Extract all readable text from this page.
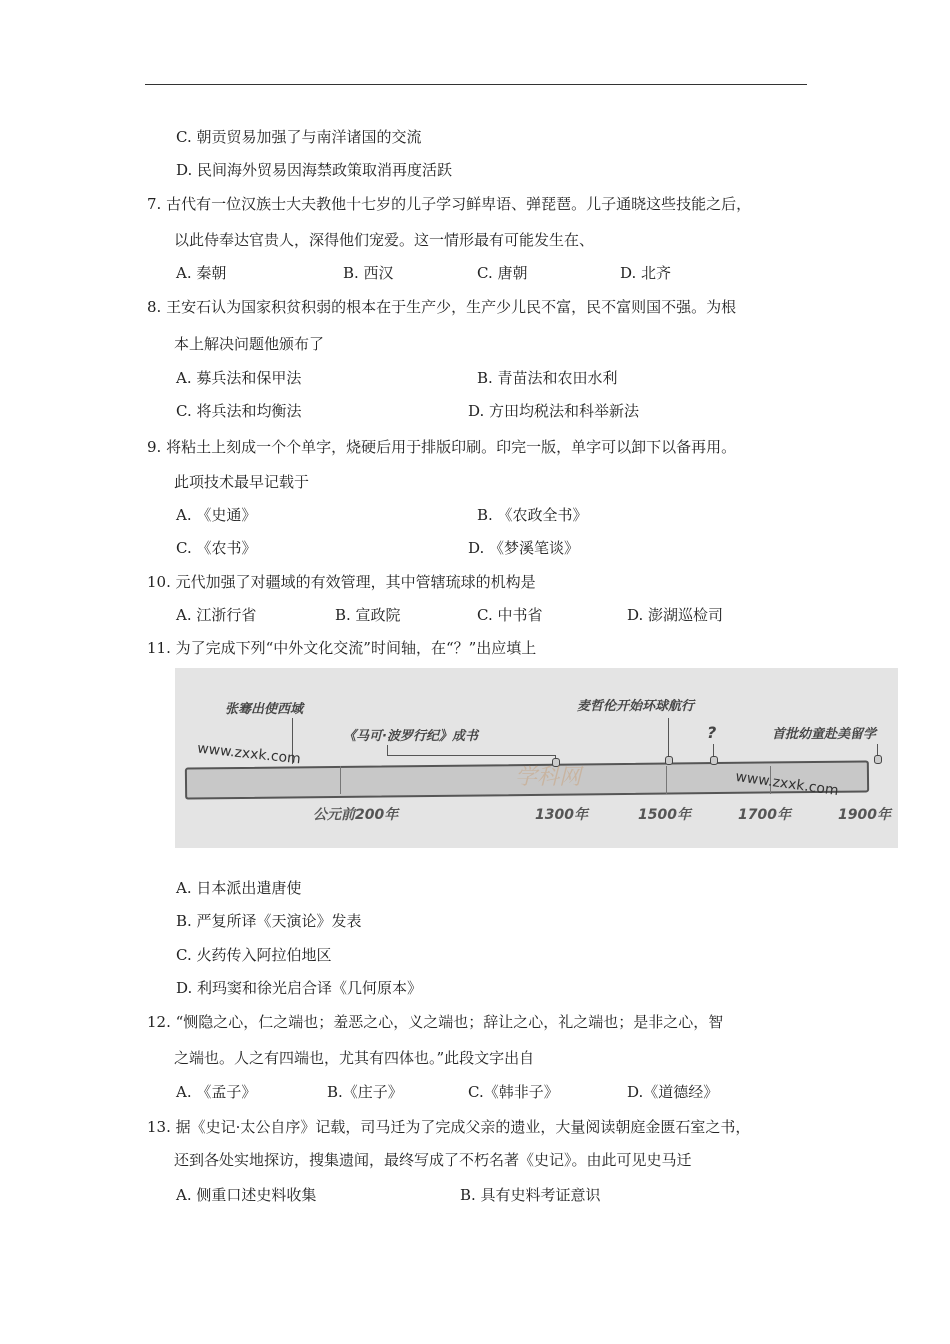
C. 朝贡贸易加强了与南洋诸国的交流
D. 民间海外贸易因海禁政策取消再度活跃
7. 古代有一位汉族士大夫教他十七岁的儿子学习鲜卑语、弹琵琶。儿子通晓这些技能之后，
以此侍奉达官贵人，深得他们宠爱。这一情形最有可能发生在、
A. 秦朝	B. 西汉	C. 唐朝	D. 北齐
8. 王安石认为国家积贫积弱的根本在于生产少，生产少儿民不富，民不富则国不强。为根
本上解决问题他颁布了
A. 募兵法和保甲法	B. 青苗法和农田水利
C. 将兵法和均衡法	D. 方田均税法和科举新法
9. 将粘土上刻成一个个单字，烧硬后用于排版印刷。印完一版，单字可以卸下以备再用。
此项技术最早记载于
A. 《史通》	B. 《农政全书》
C. 《农书》	D. 《梦溪笔谈》
10. 元代加强了对疆域的有效管理，其中管辖琉球的机构是
A. 江浙行省	B. 宣政院	C. 中书省	D. 澎湖巡检司
11. 为了完成下列“中外文化交流”时间轴，在“？”出应填上
张骞出使西域
《马可·波罗行纪》成书
麦哲伦开始环球航行
?	首批幼童赴美留学
公元前200年	1300年	1500年	1700年	1900年
www.zxxk.com
www.zxxk.com
学科网
A. 日本派出遣唐使
B. 严复所译《天演论》发表
C. 火药传入阿拉伯地区
D. 利玛窦和徐光启合译《几何原本》
12. “恻隐之心，仁之端也；羞恶之心，义之端也；辞让之心，礼之端也；是非之心，智
之端也。人之有四端也，尤其有四体也。”此段文字出自
A. 《孟子》	B.《庄子》	C.《韩非子》	D.《道德经》
13. 据《史记·太公自序》记载，司马迁为了完成父亲的遗业，大量阅读朝庭金匮石室之书，
还到各处实地探访，搜集遗闻，最终写成了不朽名著《史记》。由此可见史马迁
A. 侧重口述史料收集	B. 具有史料考证意识
